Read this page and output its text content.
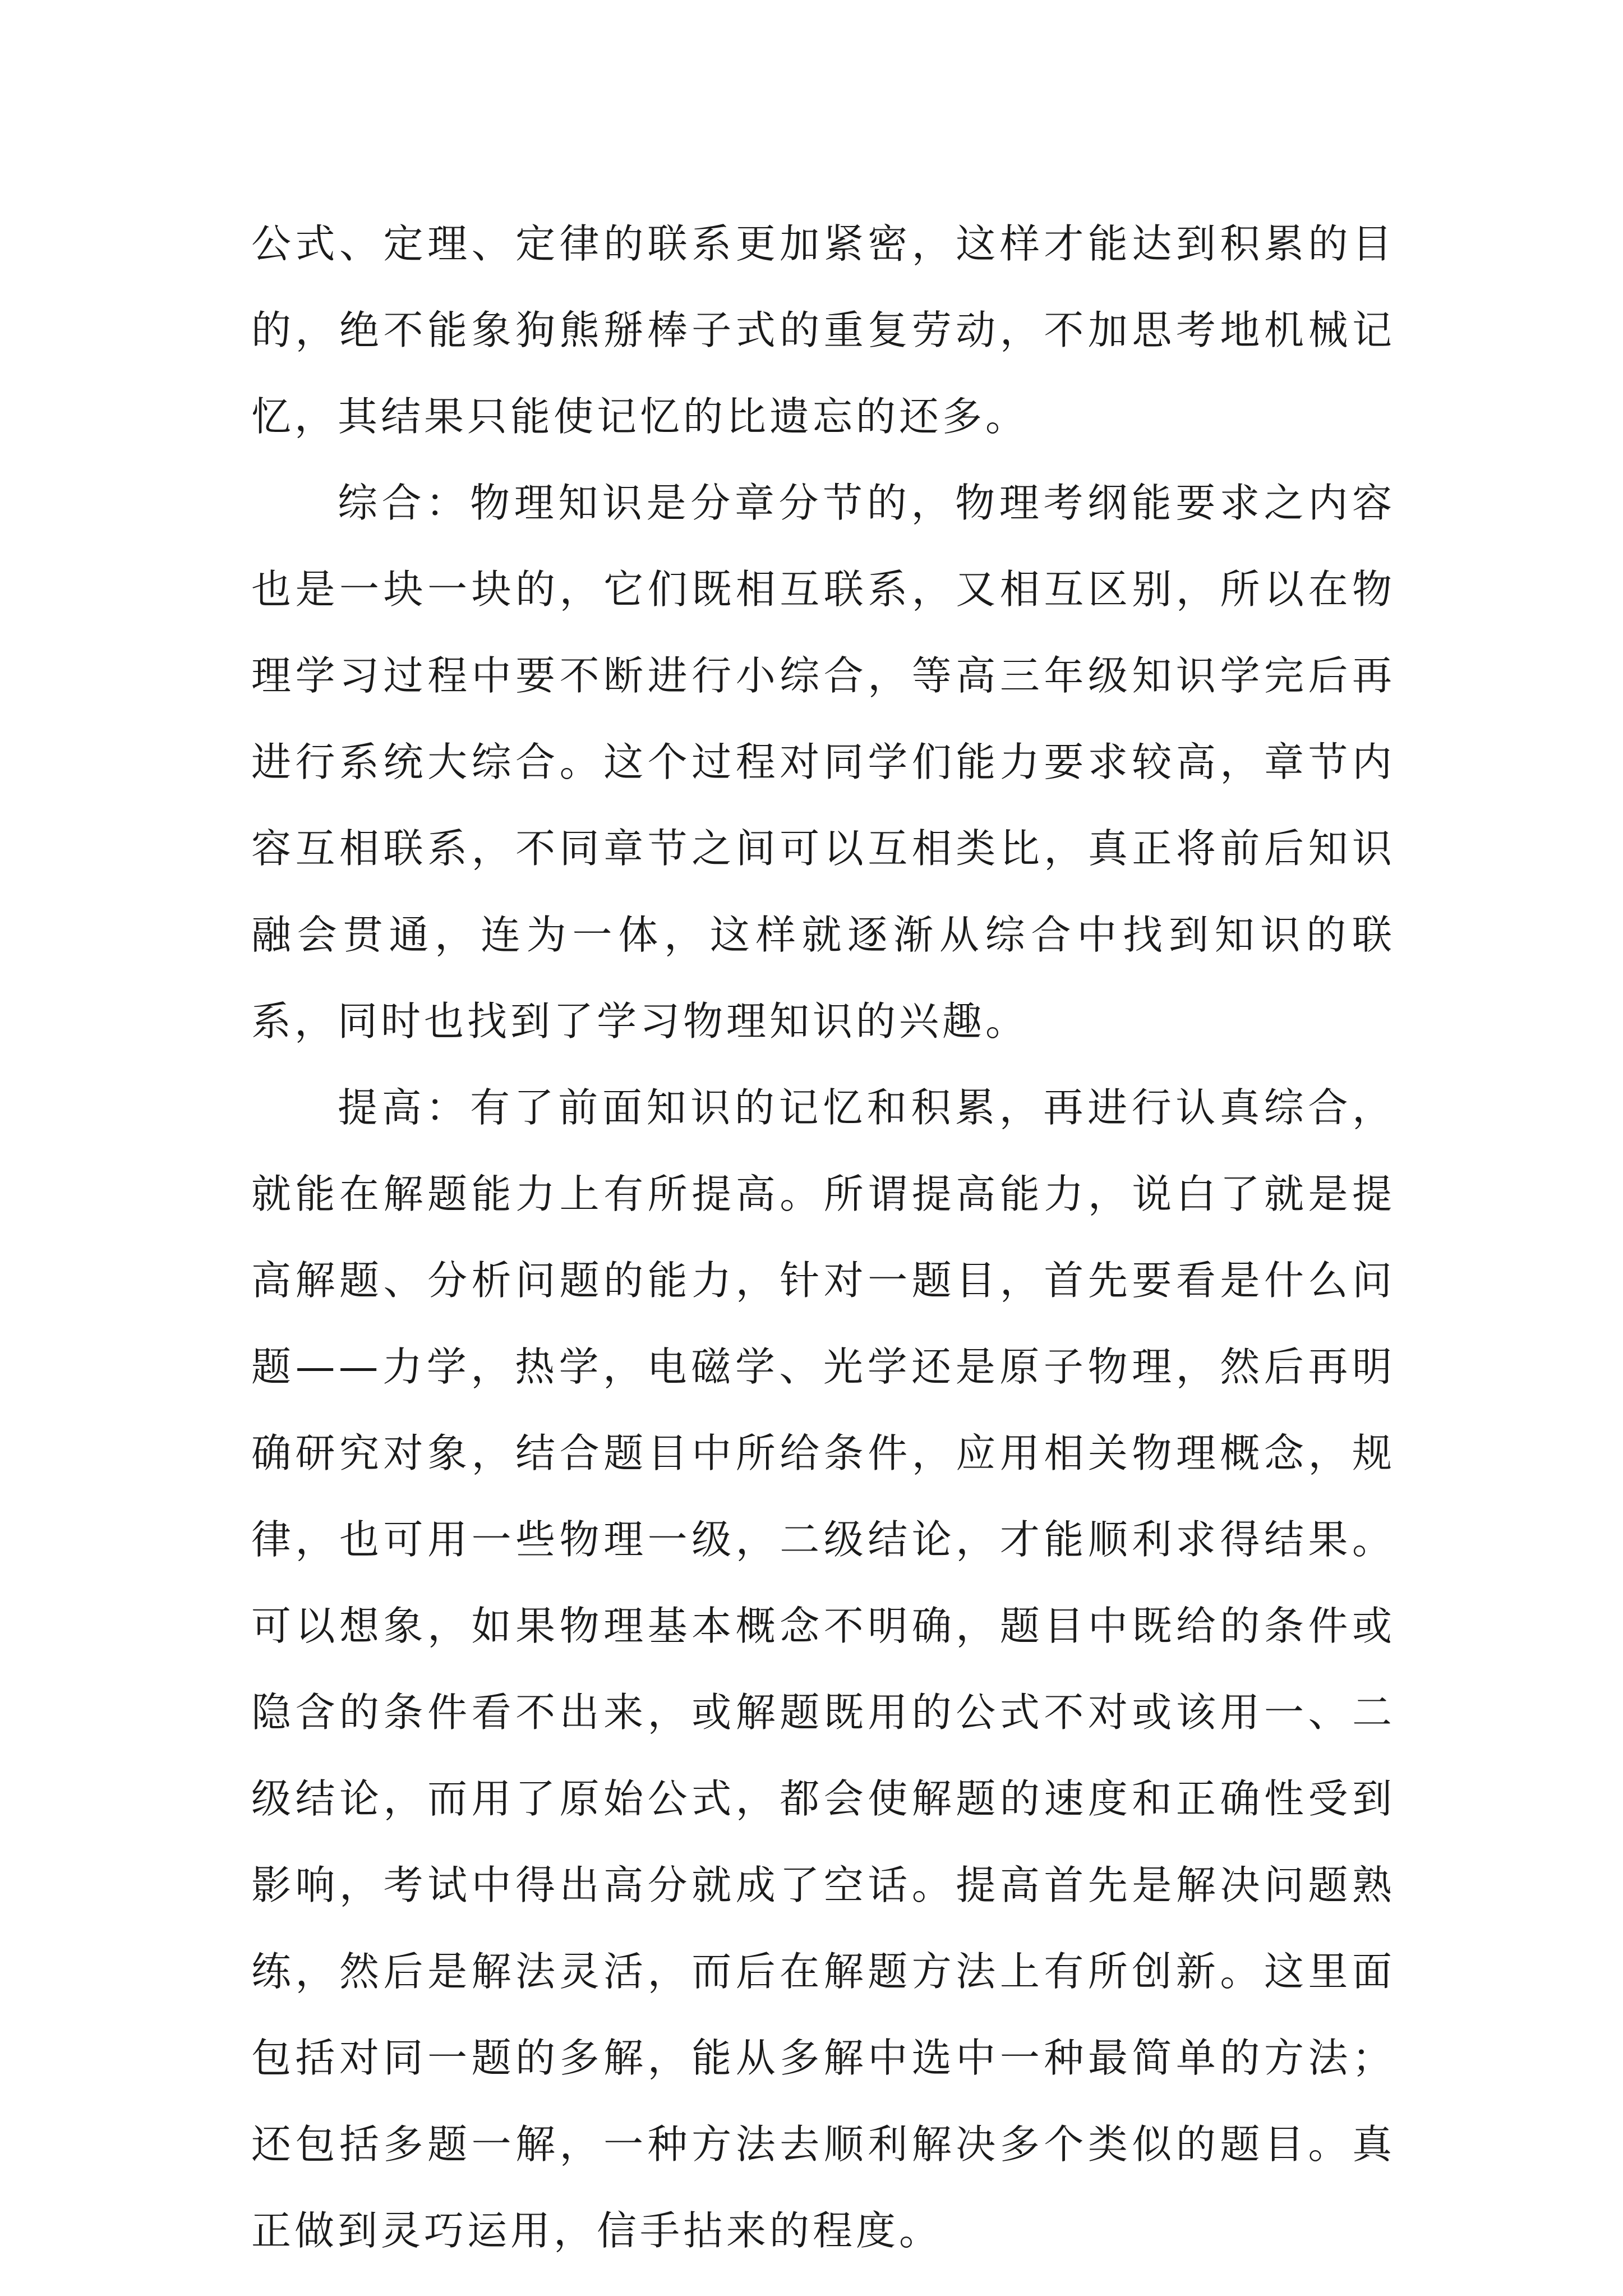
公式、定理、定律的联系更加紧密，这样才能达到积累的目的，绝不能象狗熊掰棒子式的重复劳动，不加思考地机械记忆，其结果只能使记忆的比遗忘的还多。

综合：物理知识是分章分节的，物理考纲能要求之内容也是一块一块的，它们既相互联系，又相互区别，所以在物理学习过程中要不断进行小综合，等高三年级知识学完后再进行系统大综合。这个过程对同学们能力要求较高，章节内容互相联系，不同章节之间可以互相类比，真正将前后知识融会贯通，连为一体，这样就逐渐从综合中找到知识的联系，同时也找到了学习物理知识的兴趣。

提高：有了前面知识的记忆和积累，再进行认真综合，就能在解题能力上有所提高。所谓提高能力，说白了就是提高解题、分析问题的能力，针对一题目，首先要看是什么问题——力学，热学，电磁学、光学还是原子物理，然后再明确研究对象，结合题目中所给条件，应用相关物理概念，规律，也可用一些物理一级，二级结论，才能顺利求得结果。可以想象，如果物理基本概念不明确，题目中既给的条件或隐含的条件看不出来，或解题既用的公式不对或该用一、二级结论，而用了原始公式，都会使解题的速度和正确性受到影响，考试中得出高分就成了空话。提高首先是解决问题熟练，然后是解法灵活，而后在解题方法上有所创新。这里面包括对同一题的多解，能从多解中选中一种最简单的方法；还包括多题一解，一种方法去顺利解决多个类似的题目。真正做到灵巧运用，信手拈来的程度。
